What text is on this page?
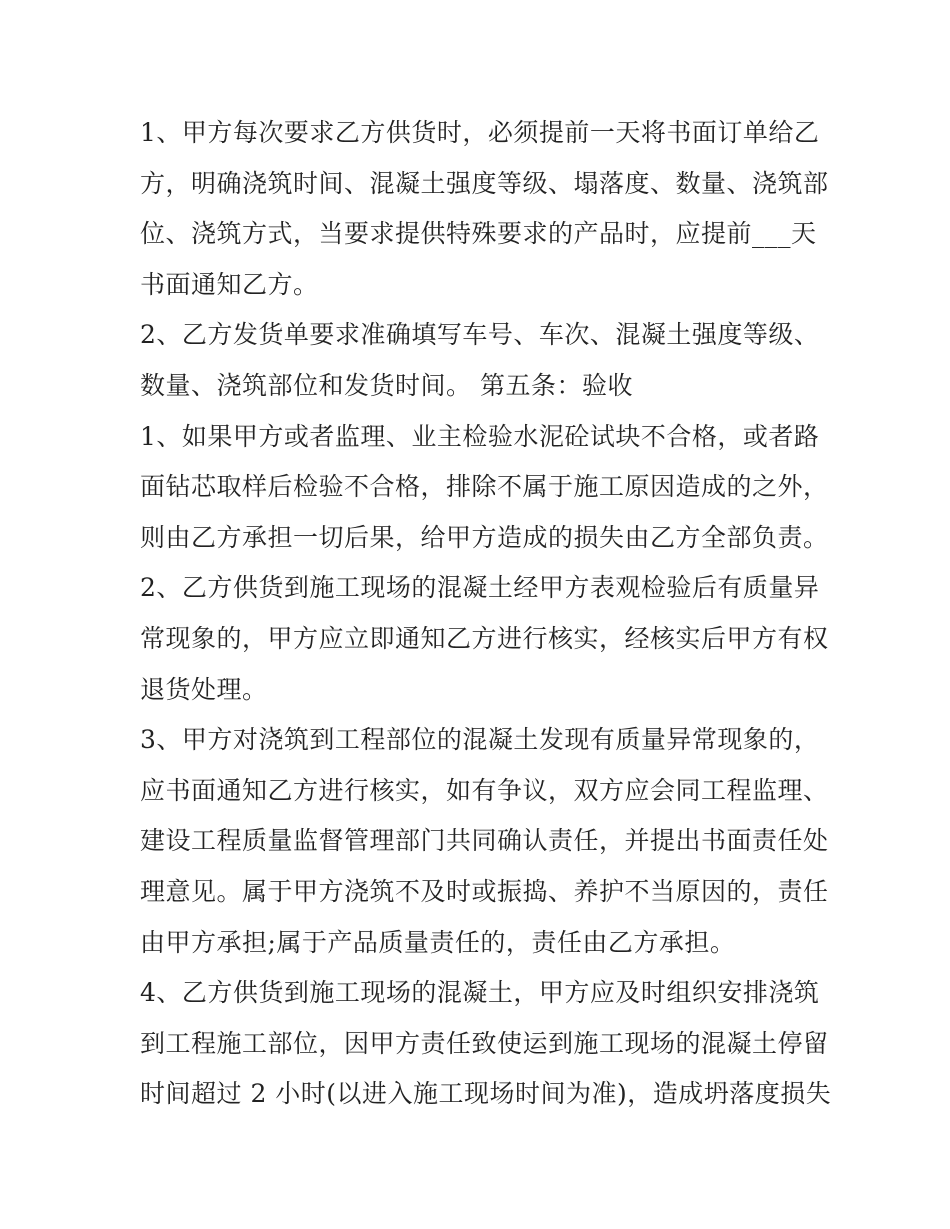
1、甲方每次要求乙方供货时，必须提前一天将书面订单给乙
方，明确浇筑时间、混凝土强度等级、塌落度、数量、浇筑部
位、浇筑方式，当要求提供特殊要求的产品时，应提前___天
书面通知乙方。

2、乙方发货单要求准确填写车号、车次、混凝土强度等级、
数量、浇筑部位和发货时间。 第五条：验收

1、如果甲方或者监理、业主检验水泥砼试块不合格，或者路
面钻芯取样后检验不合格，排除不属于施工原因造成的之外，
则由乙方承担一切后果，给甲方造成的损失由乙方全部负责。

2、乙方供货到施工现场的混凝土经甲方表观检验后有质量异
常现象的，甲方应立即通知乙方进行核实，经核实后甲方有权
退货处理。

3、甲方对浇筑到工程部位的混凝土发现有质量异常现象的，
应书面通知乙方进行核实，如有争议，双方应会同工程监理、
建设工程质量监督管理部门共同确认责任，并提出书面责任处
理意见。属于甲方浇筑不及时或振捣、养护不当原因的，责任
由甲方承担;属于产品质量责任的，责任由乙方承担。

4、乙方供货到施工现场的混凝土，甲方应及时组织安排浇筑
到工程施工部位，因甲方责任致使运到施工现场的混凝土停留
时间超过 2 小时(以进入施工现场时间为准)，造成坍落度损失
